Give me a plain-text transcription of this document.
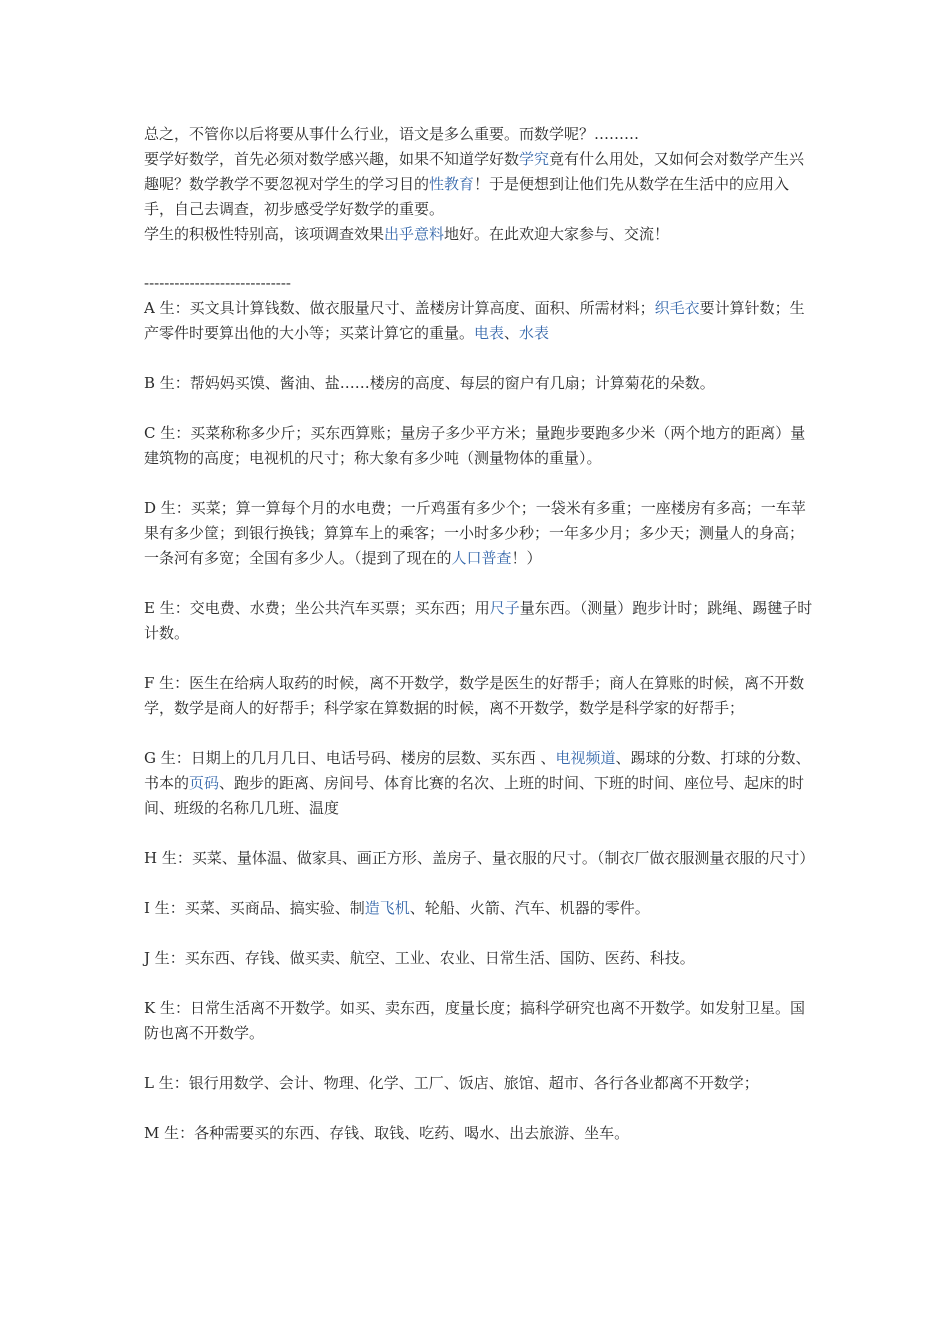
总之，不管你以后将要从事什么行业，语文是多么重要。而数学呢？………

要学好数学，首先必须对数学感兴趣，如果不知道学好数学究竟有什么用处，又如何会对数学产生兴趣呢？数学教学不要忽视对学生的学习目的性教育！于是便想到让他们先从数学在生活中的应用入手，自己去调查，初步感受学好数学的重要。

学生的积极性特别高，该项调查效果出乎意料地好。在此欢迎大家参与、交流！

-----------------------------

A 生：买文具计算钱数、做衣服量尺寸、盖楼房计算高度、面积、所需材料；织毛衣要计算针数；生产零件时要算出他的大小等；买菜计算它的重量。电表、水表

B 生：帮妈妈买馍、酱油、盐……楼房的高度、每层的窗户有几扇；计算菊花的朵数。

C 生：买菜称称多少斤；买东西算账；量房子多少平方米；量跑步要跑多少米（两个地方的距离）量建筑物的高度；电视机的尺寸；称大象有多少吨（测量物体的重量）。

D 生：买菜；算一算每个月的水电费；一斤鸡蛋有多少个；一袋米有多重；一座楼房有多高；一车苹果有多少筐；到银行换钱；算算车上的乘客；一小时多少秒；一年多少月；多少天；测量人的身高；一条河有多宽；全国有多少人。（提到了现在的人口普查！）

E 生：交电费、水费；坐公共汽车买票；买东西；用尺子量东西。（测量）跑步计时；跳绳、踢毽子时计数。

F 生：医生在给病人取药的时候，离不开数学，数学是医生的好帮手；商人在算账的时候，离不开数学，数学是商人的好帮手；科学家在算数据的时候，离不开数学，数学是科学家的好帮手；

G 生：日期上的几月几日、电话号码、楼房的层数、买东西 、电视频道、踢球的分数、打球的分数、书本的页码、跑步的距离、房间号、体育比赛的名次、上班的时间、下班的时间、座位号、起床的时间、班级的名称几几班、温度

H 生：买菜、量体温、做家具、画正方形、盖房子、量衣服的尺寸。（制衣厂做衣服测量衣服的尺寸）

I 生：买菜、买商品、搞实验、制造飞机、轮船、火箭、汽车、机器的零件。

J 生：买东西、存钱、做买卖、航空、工业、农业、日常生活、国防、医药、科技。

K 生：日常生活离不开数学。如买、卖东西，度量长度；搞科学研究也离不开数学。如发射卫星。国防也离不开数学。

L 生：银行用数学、会计、物理、化学、工厂、饭店、旅馆、超市、各行各业都离不开数学；

M 生：各种需要买的东西、存钱、取钱、吃药、喝水、出去旅游、坐车。
